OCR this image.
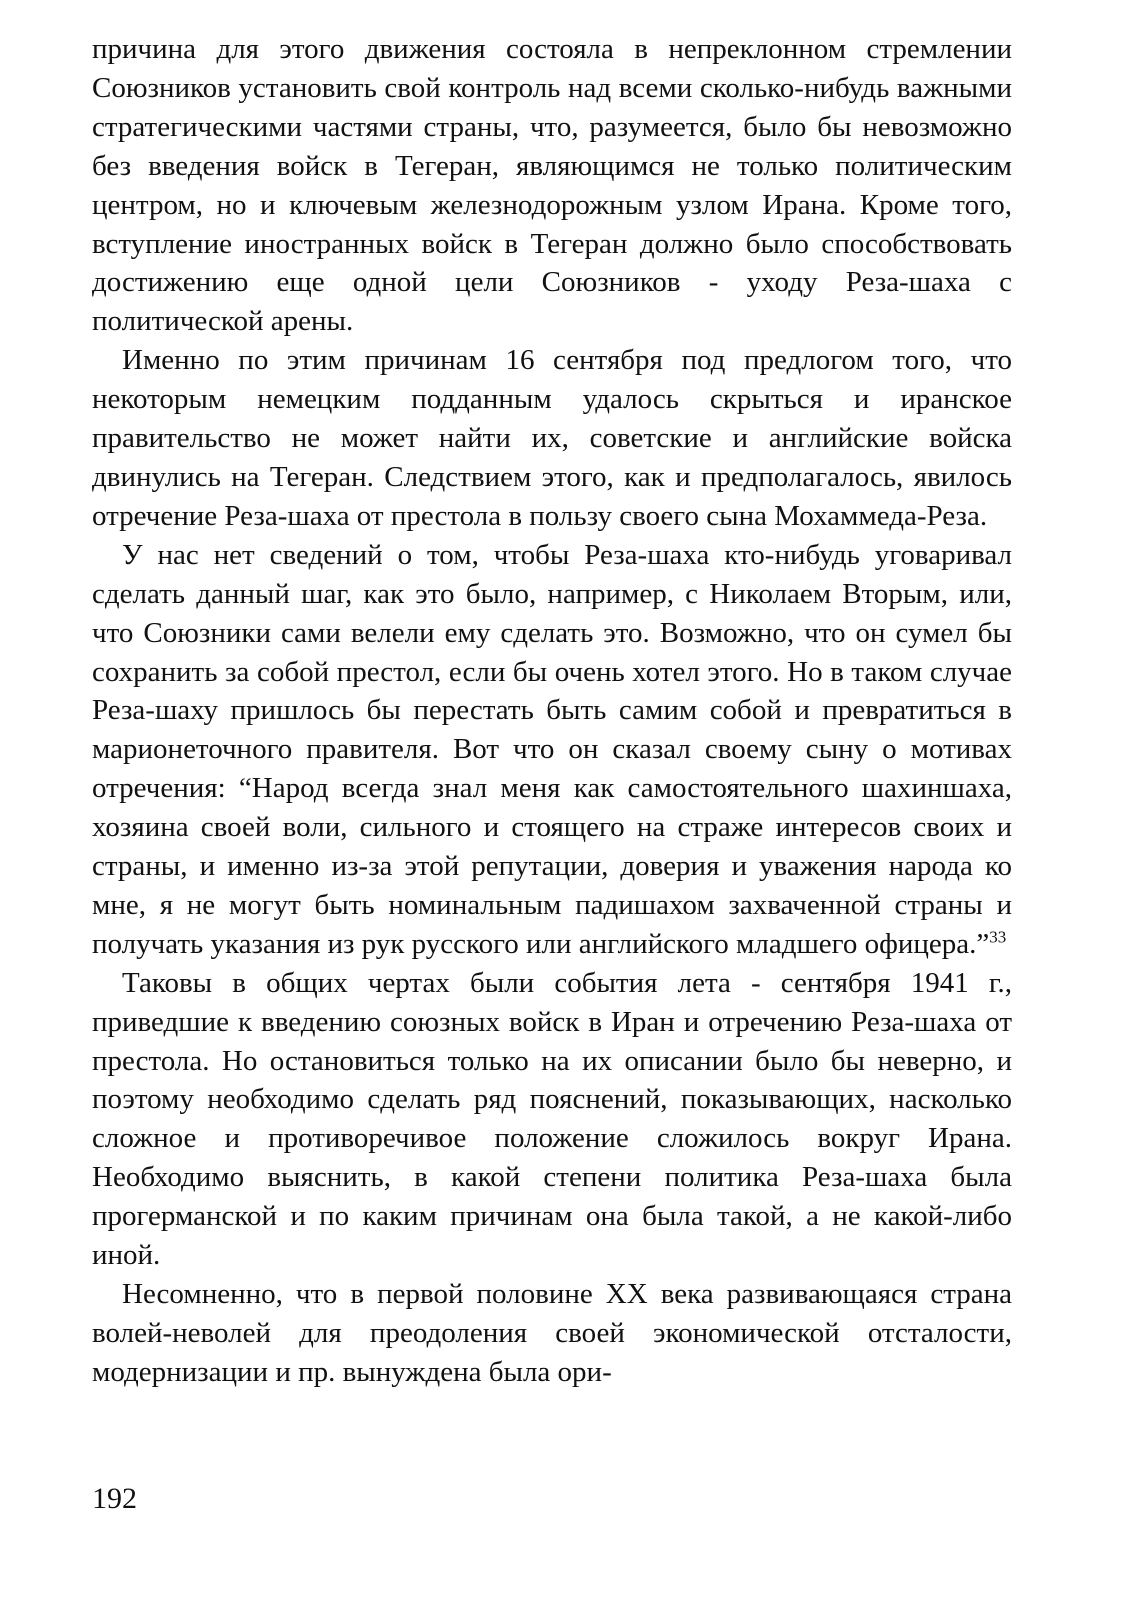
причина для этого движения состояла в непреклонном стремлении Союзников установить свой контроль над всеми сколько-нибудь важными стратегическими частями страны, что, разумеется, было бы невозможно без введения войск в Тегеран, являющимся не только политическим центром, но и ключевым железнодорожным узлом Ирана. Кроме того, вступление иностранных войск в Тегеран должно было способствовать достижению еще одной цели Союзников - уходу Реза-шаха с политической арены.

Именно по этим причинам 16 сентября под предлогом того, что некоторым немецким подданным удалось скрыться и иранское правительство не может найти их, советские и английские войска двинулись на Тегеран. Следствием этого, как и предполагалось, явилось отречение Реза-шаха от престола в пользу своего сына Мохаммеда-Реза.

У нас нет сведений о том, чтобы Реза-шаха кто-нибудь уговаривал сделать данный шаг, как это было, например, с Николаем Вторым, или, что Союзники сами велели ему сделать это. Возможно, что он сумел бы сохранить за собой престол, если бы очень хотел этого. Но в таком случае Реза-шаху пришлось бы перестать быть самим собой и превратиться в марионеточного правителя. Вот что он сказал своему сыну о мотивах отречения: “Народ всегда знал меня как самостоятельного шахиншаха, хозяина своей воли, сильного и стоящего на страже интересов своих и страны, и именно из-за этой репутации, доверия и уважения народа ко мне, я не могут быть номинальным падишахом захваченной страны и получать указания из рук русского или английского младшего офицера.”$^{33}$

Таковы в общих чертах были события лета - сентября 1941 г., приведшие к введению союзных войск в Иран и отречению Реза-шаха от престола. Но остановиться только на их описании было бы неверно, и поэтому необходимо сделать ряд пояснений, показывающих, насколько сложное и противоречивое положение сложилось вокруг Ирана. Необходимо выяснить, в какой степени политика Реза-шаха была прогерманской и по каким причинам она была такой, а не какой-либо иной.

Несомненно, что в первой половине XX века развивающаяся страна волей-неволей для преодоления своей экономической отсталости, модернизации и пр. вынуждена была ори-

192
